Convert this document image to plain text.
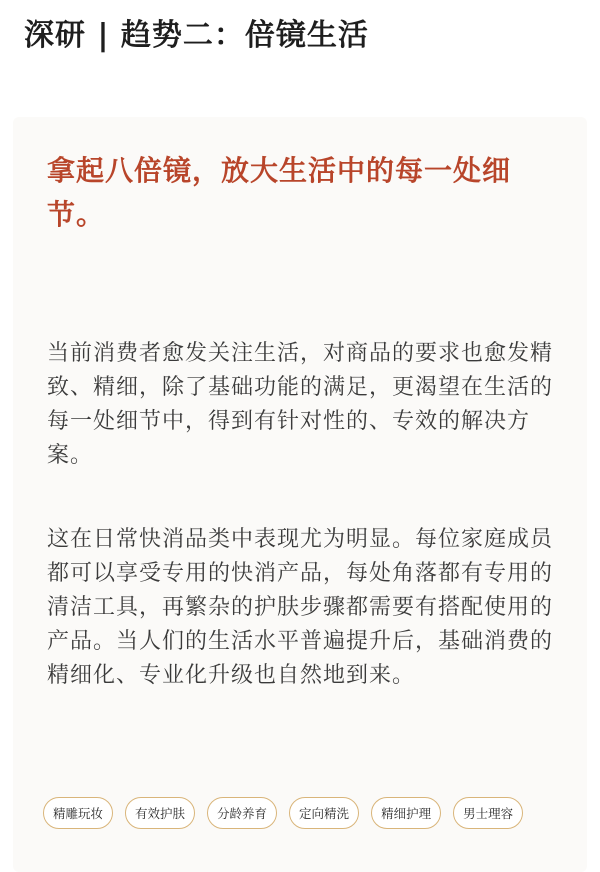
深研 | 趋势二：倍镜生活
拿起八倍镜，放大生活中的每一处细节。
当前消费者愈发关注生活，对商品的要求也愈发精致、精细，除了基础功能的满足，更渴望在生活的每一处细节中，得到有针对性的、专效的解决方案。
这在日常快消品类中表现尤为明显。每位家庭成员都可以享受专用的快消产品，每处角落都有专用的清洁工具，再繁杂的护肤步骤都需要有搭配使用的产品。当人们的生活水平普遍提升后，基础消费的精细化、专业化升级也自然地到来。
精雕玩妆	有效护肤	分龄养育	定向精洗	精细护理	男士理容
